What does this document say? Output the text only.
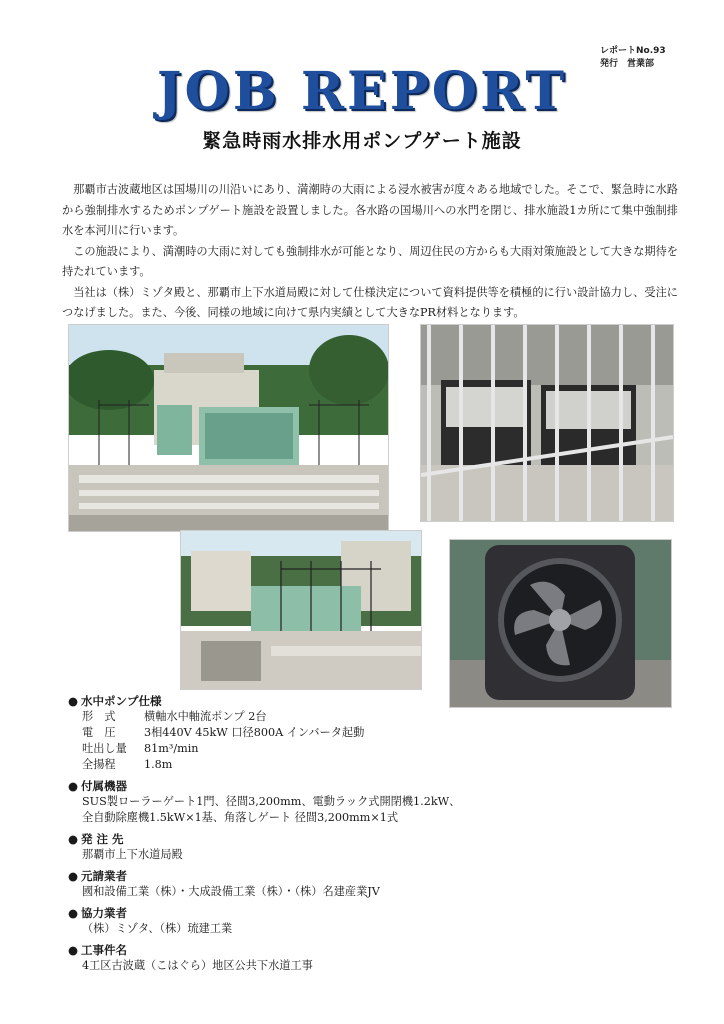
レポートNo.93
発行　営業部
JOB REPORT
緊急時雨水排水用ポンプゲート施設

那覇市古波蔵地区は国場川の川沿いにあり、満潮時の大雨による浸水被害が度々ある地域でした。そこで、緊急時に水路から強制排水するためポンプゲート施設を設置しました。各水路の国場川への水門を閉じ、排水施設1カ所にて集中強制排水を本河川に行います。

この施設により、満潮時の大雨に対しても強制排水が可能となり、周辺住民の方からも大雨対策施設として大きな期待を持たれています。

当社は（株）ミゾタ殿と、那覇市上下水道局殿に対して仕様決定について資料提供等を積極的に行い設計協力し、受注につなげました。また、今後、同様の地域に向けて県内実績として大きなPR材料となります。

● 水中ポンプ仕様
形　式	横軸水中軸流ポンプ 2台
電　圧	3相440V 45kW 口径800A インバータ起動
吐出し量 81m³/min
全揚程	1.8m
● 付属機器
SUS製ローラーゲート1門、径間3,200mm、電動ラック式開閉機1.2kW、
全自動除塵機1.5kW×1基、角落しゲート 径間3,200mm×1式
● 発 注 先
那覇市上下水道局殿
● 元請業者
國和設備工業（株）・大成設備工業（株）・（株）名建産業JV
● 協力業者
（株）ミゾタ、（株）琉建工業
● 工事件名
4工区古波蔵（こはぐら）地区公共下水道工事
